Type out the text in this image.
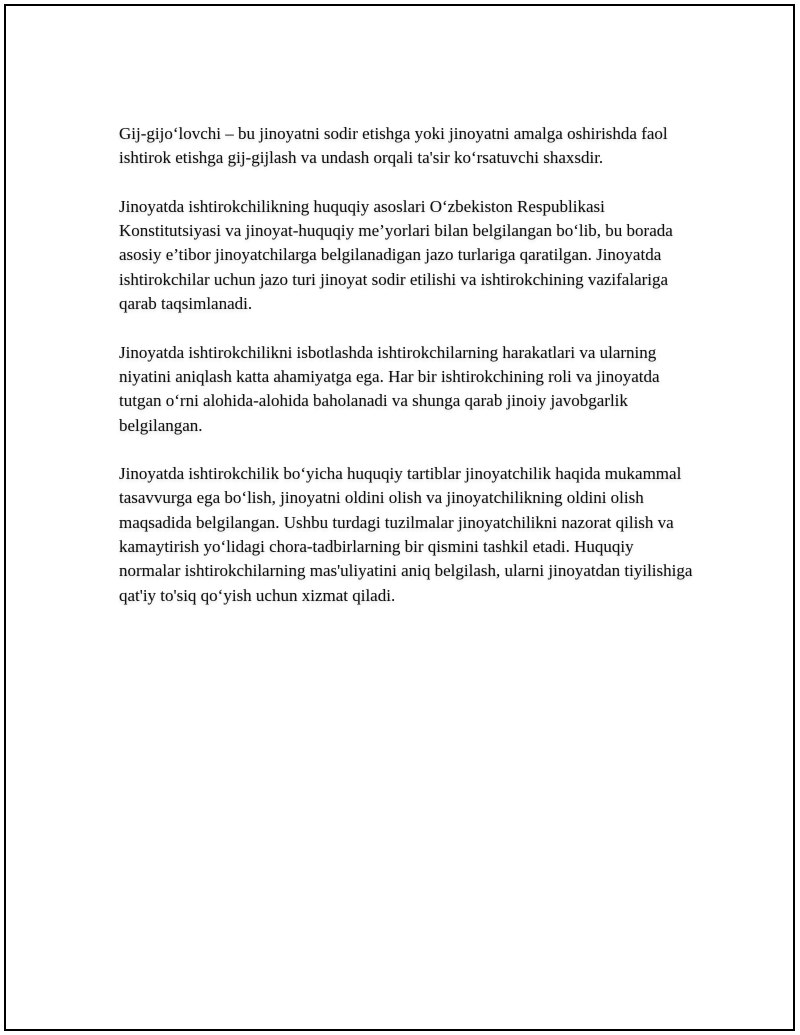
Gij-gijo‘lovchi – bu jinoyatni sodir etishga yoki jinoyatni amalga oshirishda faol ishtirok etishga gij-gijlash va undash orqali ta'sir ko‘rsatuvchi shaxsdir.

Jinoyatda ishtirokchilikning huquqiy asoslari O‘zbekiston Respublikasi Konstitutsiyasi va jinoyat-huquqiy me’yorlari bilan belgilangan bo‘lib, bu borada asosiy e’tibor jinoyatchilarga belgilanadigan jazo turlariga qaratilgan. Jinoyatda ishtirokchilar uchun jazo turi jinoyat sodir etilishi va ishtirokchining vazifalariga qarab taqsimlanadi.

Jinoyatda ishtirokchilikni isbotlashda ishtirokchilarning harakatlari va ularning niyatini aniqlash katta ahamiyatga ega. Har bir ishtirokchining roli va jinoyatda tutgan o‘rni alohida-alohida baholanadi va shunga qarab jinoiy javobgarlik belgilangan.

Jinoyatda ishtirokchilik bo‘yicha huquqiy tartiblar jinoyatchilik haqida mukammal tasavvurga ega bo‘lish, jinoyatni oldini olish va jinoyatchilikning oldini olish maqsadida belgilangan. Ushbu turdagi tuzilmalar jinoyatchilikni nazorat qilish va kamaytirish yo‘lidagi chora-tadbirlarning bir qismini tashkil etadi. Huquqiy normalar ishtirokchilarning mas'uliyatini aniq belgilash, ularni jinoyatdan tiyilishiga qat'iy to'siq qo‘yish uchun xizmat qiladi.
